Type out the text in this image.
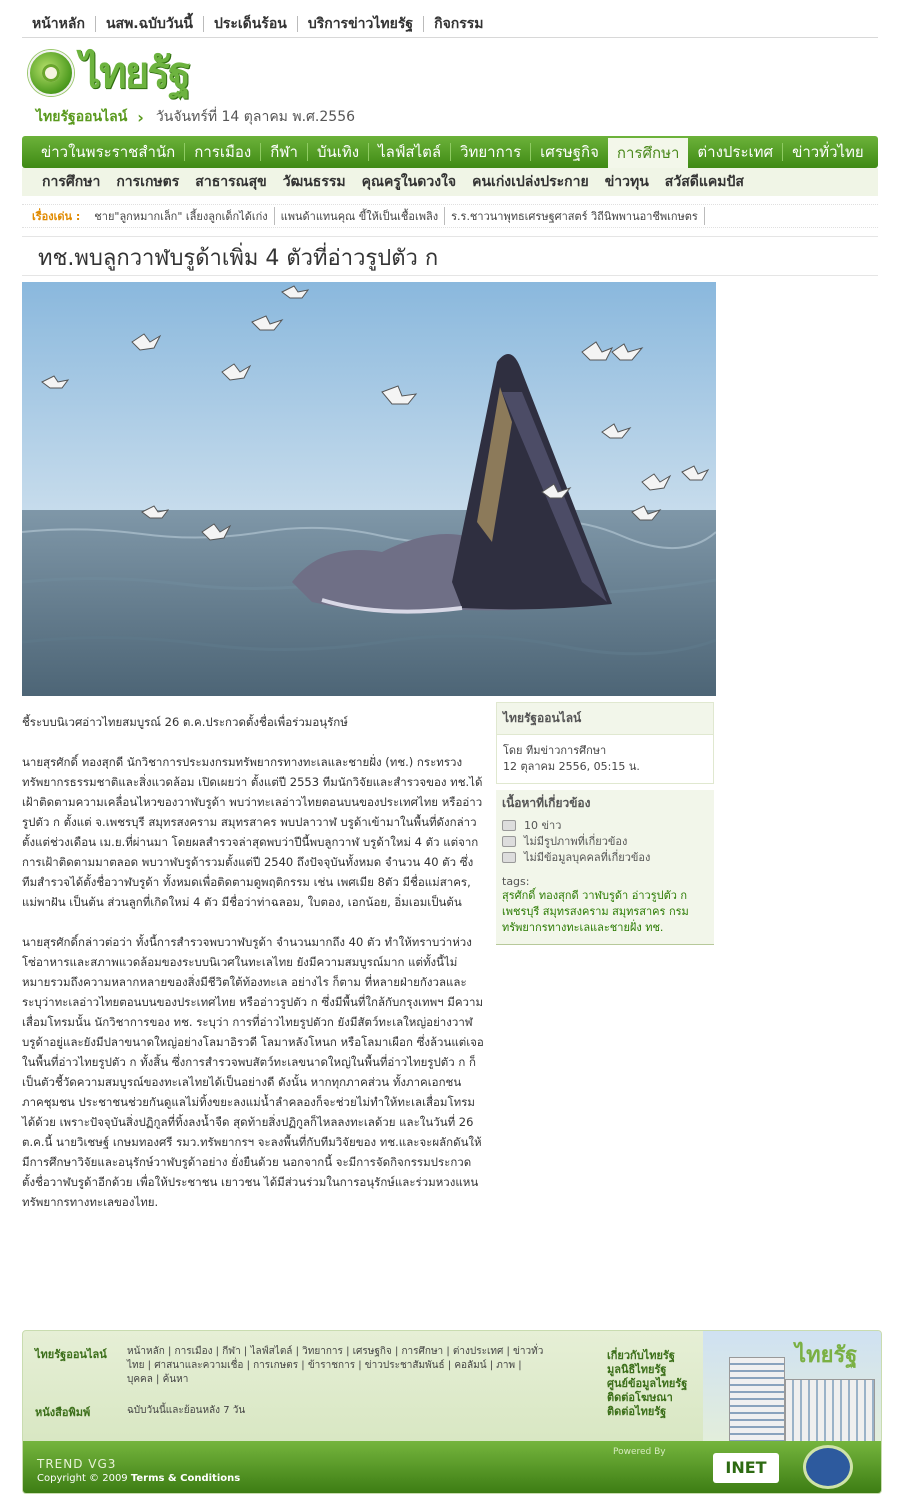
หน้าหลัก	นสพ.ฉบับวันนี้	ประเด็นร้อน	บริการข่าวไทยรัฐ	กิจกรรม
ไทยรัฐ
ไทยรัฐออนไลน์ › วันจันทร์ที่ 14 ตุลาคม พ.ศ.2556
ข่าวในพระราชสำนัก	การเมือง	กีฬา	บันเทิง	ไลฟ์สไตล์	วิทยาการ	เศรษฐกิจ	การศึกษา	ต่างประเทศ	ข่าวทั่วไทย
การศึกษา	การเกษตร	สาธารณสุข	วัฒนธรรม	คุณครูในดวงใจ	คนเก่งเปล่งประกาย	ข่าวทุน	สวัสดีแคมปัส
เรื่องเด่น :	ชาย"ลูกหมากเล็ก" เลี้ยงลูกเด็กได้เก่ง	แพนด้าแทนคุณ ขี้ให้เป็นเชื้อเพลิง	ร.ร.ชาวนาพุทธเศรษฐศาสตร์ วิถีนิพพานอาชีพเกษตร
ทช.พบลูกวาฬบรูด้าเพิ่ม 4 ตัวที่อ่าวรูปตัว ก

ชี้ระบบนิเวศอ่าวไทยสมบูรณ์ 26 ต.ค.ประกวดตั้งชื่อเพื่อร่วมอนุรักษ์

นายสุรศักดิ์ ทองสุกดี นักวิชาการประมงกรมทรัพยากรทางทะเลและชายฝั่ง (ทช.) กระทรวงทรัพยากรธรรมชาติและสิ่งแวดล้อม เปิดเผยว่า ตั้งแต่ปี 2553 ทีมนักวิจัยและสำรวจของ ทช.ได้เฝ้าติดตามความเคลื่อนไหวของวาฬบรูด้า พบว่าทะเลอ่าวไทยตอนบนของประเทศไทย หรืออ่าวรูปตัว ก ตั้งแต่ จ.เพชรบุรี สมุทรสงคราม สมุทรสาคร พบปลาวาฬ บรูด้าเข้ามาในพื้นที่ดังกล่าวตั้งแต่ช่วงเดือน เม.ย.ที่ผ่านมา โดยผลสำรวจล่าสุดพบว่าปีนี้พบลูกวาฬ บรูด้าใหม่ 4 ตัว แต่จากการเฝ้าติดตามมาตลอด พบวาฬบรูด้ารวมตั้งแต่ปี 2540 ถึงปัจจุบันทั้งหมด จำนวน 40 ตัว ซึ่งทีมสำรวจได้ตั้งชื่อวาฬบรูด้า ทั้งหมดเพื่อติดตามดูพฤติกรรม เช่น เพศเมีย 8ตัว มีชื่อแม่สาคร, แม่พาฝัน เป็นต้น ส่วนลูกที่เกิดใหม่ 4 ตัว มีชื่อว่าท่าฉลอม, ใบตอง, เอกน้อย, อิ่มเอมเป็นต้น

นายสุรศักดิ์กล่าวต่อว่า ทั้งนี้การสำรวจพบวาฬบรูด้า จำนวนมากถึง 40 ตัว ทำให้ทราบว่าห่วงโซ่อาหารและสภาพแวดล้อมของระบบนิเวศในทะเลไทย ยังมีความสมบูรณ์มาก แต่ทั้งนี้ไม่หมายรวมถึงความหลากหลายของสิ่งมีชีวิตใต้ท้องทะเล อย่างไร ก็ตาม ที่หลายฝ่ายกังวลและระบุว่าทะเลอ่าวไทยตอนบนของประเทศไทย หรืออ่าวรูปตัว ก ซึ่งมีพื้นที่ใกล้กับกรุงเทพฯ มีความเสื่อมโทรมนั้น นักวิชาการของ ทช. ระบุว่า การที่อ่าวไทยรูปตัวก ยังมีสัตว์ทะเลใหญ่อย่างวาฬบรูด้าอยู่และยังมีปลาขนาดใหญ่อย่างโลมาอิรวดี โลมาหลังโหนก หรือโลมาเผือก ซึ่งล้วนแต่เจอในพื้นที่อ่าวไทยรูปตัว ก ทั้งสิ้น ซึ่งการสำรวจพบสัตว์ทะเลขนาดใหญ่ในพื้นที่อ่าวไทยรูปตัว ก ก็เป็นตัวชี้วัดความสมบูรณ์ของทะเลไทยได้เป็นอย่างดี ดังนั้น หากทุกภาคส่วน ทั้งภาคเอกชน ภาคชุมชน ประชาชนช่วยกันดูแลไม่ทิ้งขยะลงแม่น้ำลำคลองก็จะช่วยไม่ทำให้ทะเลเสื่อมโทรมได้ด้วย เพราะปัจจุบันสิ่งปฏิกูลที่ทิ้งลงน้ำจืด สุดท้ายสิ่งปฏิกูลก็ไหลลงทะเลด้วย และในวันที่ 26 ต.ค.นี้ นายวิเชษฐ์ เกษมทองศรี รมว.ทรัพยากรฯ จะลงพื้นที่กับทีมวิจัยของ ทช.และจะผลักดันให้มีการศึกษาวิจัยและอนุรักษ์วาฬบรูด้าอย่าง ยั่งยืนด้วย นอกจากนี้ จะมีการจัดกิจกรรมประกวดตั้งชื่อวาฬบรูด้าอีกด้วย เพื่อให้ประชาชน เยาวชน ได้มีส่วนร่วมในการอนุรักษ์และร่วมหวงแหนทรัพยากรทางทะเลของไทย.

ไทยรัฐออนไลน์
โดย ทีมข่าวการศึกษา
12 ตุลาคม 2556, 05:15 น.
เนื้อหาที่เกี่ยวข้อง
10 ข่าว
ไม่มีรูปภาพที่เกี่ยวข้อง
ไม่มีข้อมูลบุคคลที่เกี่ยวข้อง
tags:
สุรศักดิ์ ทองสุกดี วาฬบรูด้า อ่าวรูปตัว ก เพชรบุรี สมุทรสงคราม สมุทรสาคร กรมทรัพยากรทางทะเลและชายฝั่ง ทช.
ไทยรัฐออนไลน์ หน้าหลัก | การเมือง | กีฬา | ไลฟ์สไตล์ | วิทยาการ | เศรษฐกิจ | การศึกษา | ต่างประเทศ | ข่าวทั่วไทย | ศาสนาและความเชื่อ | การเกษตร | ข้าราชการ | ข่าวประชาสัมพันธ์ | คอลัมน์ | ภาพ | บุคคล | ค้นหา
หนังสือพิมพ์	ฉบับวันนี้และย้อนหลัง 7 วัน
ไทยรัฐ
เกี่ยวกับไทยรัฐ
มูลนิธิไทยรัฐ
ศูนย์ข้อมูลไทยรัฐ
ติดต่อโฆษณา
ติดต่อไทยรัฐ
TREND VG3
Copyright © 2009 Terms & Conditions
Powered By
INET
